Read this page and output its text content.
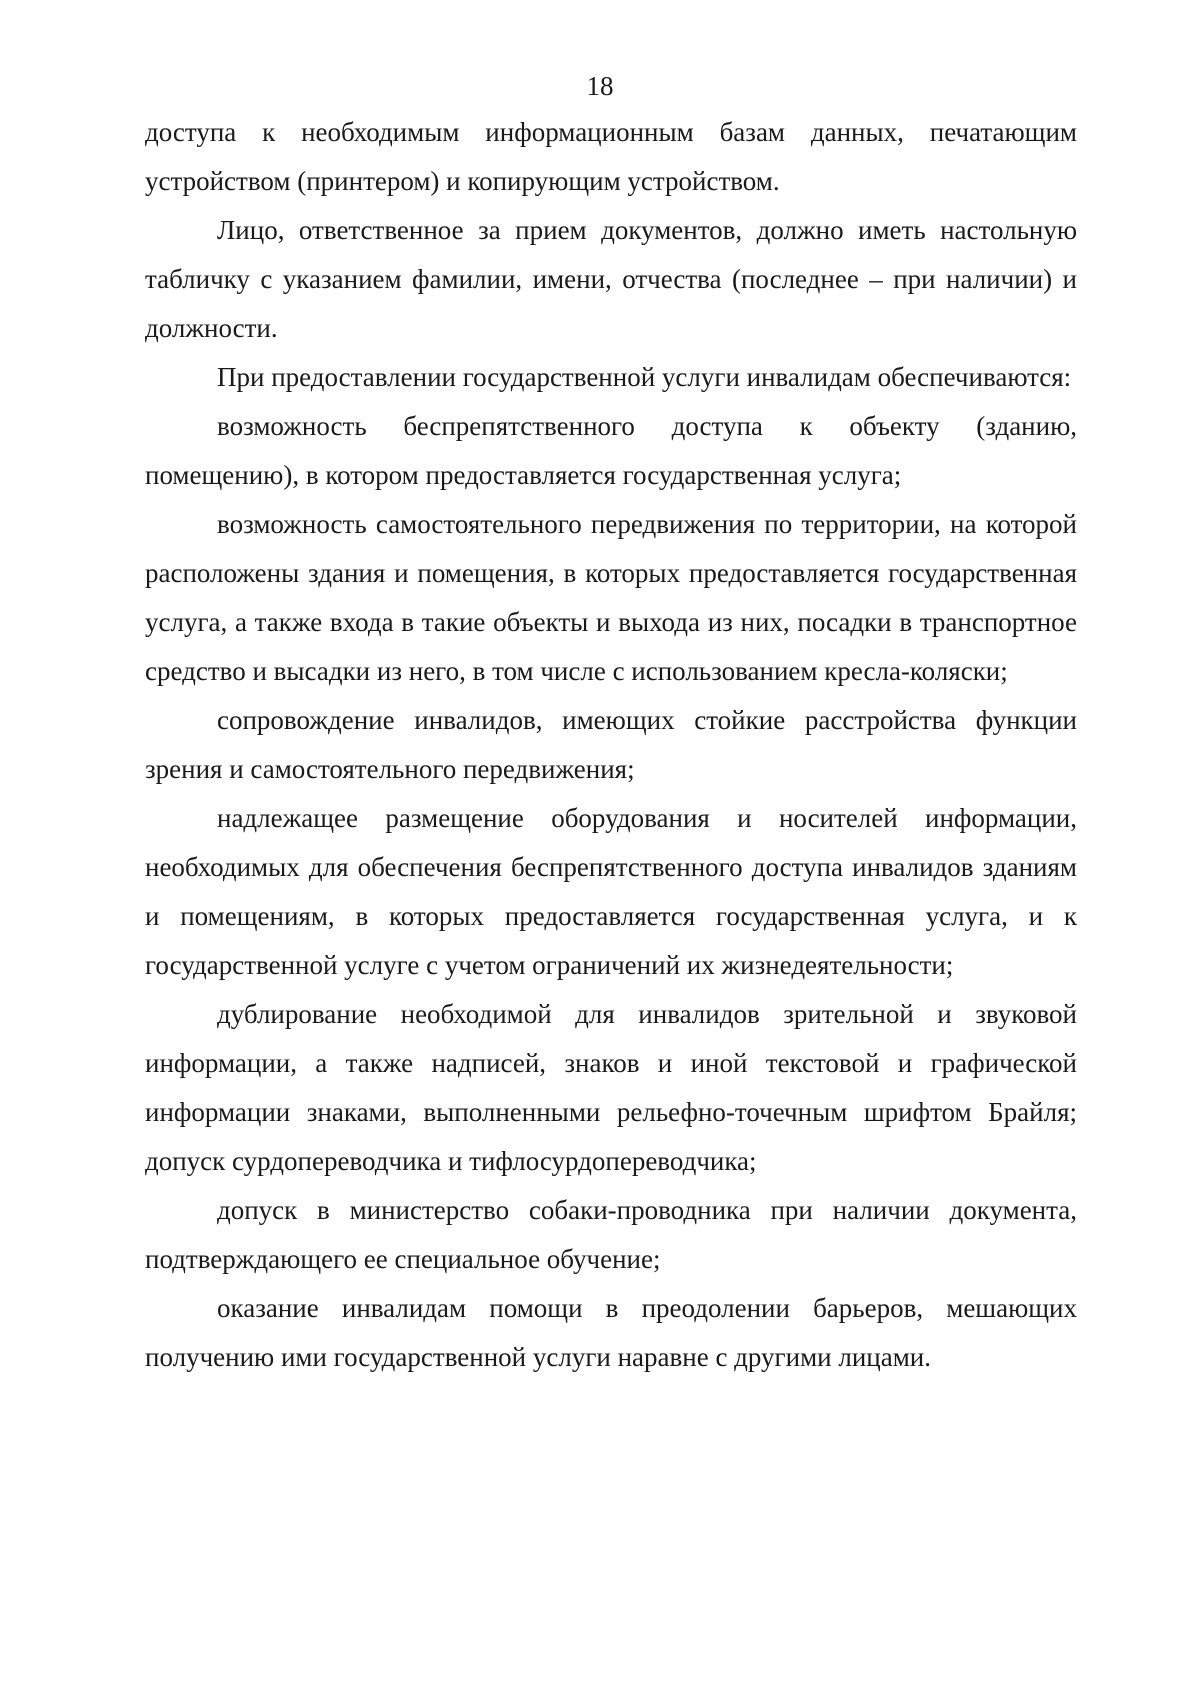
18

доступа к необходимым информационным базам данных, печатающим устройством (принтером) и копирующим устройством.

Лицо, ответственное за прием документов, должно иметь настольную табличку с указанием фамилии, имени, отчества (последнее – при наличии) и должности.

При предоставлении государственной услуги инвалидам обеспечиваются:

возможность беспрепятственного доступа к объекту (зданию, помещению), в котором предоставляется государственная услуга;

возможность самостоятельного передвижения по территории, на которой расположены здания и помещения, в которых предоставляется государственная услуга, а также входа в такие объекты и выхода из них, посадки в транспортное средство и высадки из него, в том числе с использованием кресла-коляски;

сопровождение инвалидов, имеющих стойкие расстройства функции зрения и самостоятельного передвижения;

надлежащее размещение оборудования и носителей информации, необходимых для обеспечения беспрепятственного доступа инвалидов зданиям и помещениям, в которых предоставляется государственная услуга, и к государственной услуге с учетом ограничений их жизнедеятельности;

дублирование необходимой для инвалидов зрительной и звуковой информации, а также надписей, знаков и иной текстовой и графической информации знаками, выполненными рельефно-точечным шрифтом Брайля; допуск сурдопереводчика и тифлосурдопереводчика;

допуск в министерство собаки-проводника при наличии документа, подтверждающего ее специальное обучение;

оказание инвалидам помощи в преодолении барьеров, мешающих получению ими государственной услуги наравне с другими лицами.
